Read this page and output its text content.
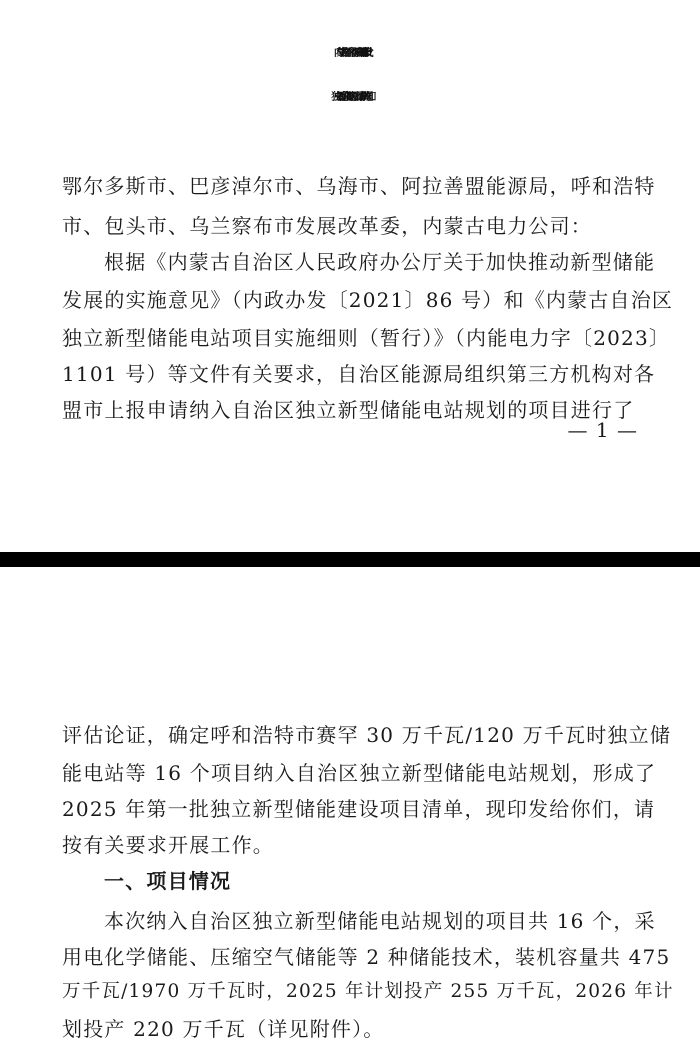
内蒙古自治区能源局关于印发 2025 年第一批
独立新型储能建设项目清单的通知
鄂尔多斯市、巴彦淖尔市、乌海市、阿拉善盟能源局，呼和浩特
市、包头市、乌兰察布市发展改革委，内蒙古电力公司：
根据《内蒙古自治区人民政府办公厅关于加快推动新型储能
发展的实施意见》（内政办发〔2021〕86 号）和《内蒙古自治区
独立新型储能电站项目实施细则（暂行）》（内能电力字〔2023〕
1101 号）等文件有关要求，自治区能源局组织第三方机构对各
盟市上报申请纳入自治区独立新型储能电站规划的项目进行了
— 1 —
评估论证，确定呼和浩特市赛罕 30 万千瓦/120 万千瓦时独立储
能电站等 16 个项目纳入自治区独立新型储能电站规划，形成了
2025 年第一批独立新型储能建设项目清单，现印发给你们，请
按有关要求开展工作。
一、项目情况
本次纳入自治区独立新型储能电站规划的项目共 16 个，采
用电化学储能、压缩空气储能等 2 种储能技术，装机容量共 475
万千瓦/1970 万千瓦时，2025 年计划投产 255 万千瓦，2026 年计
划投产 220 万千瓦（详见附件）。
